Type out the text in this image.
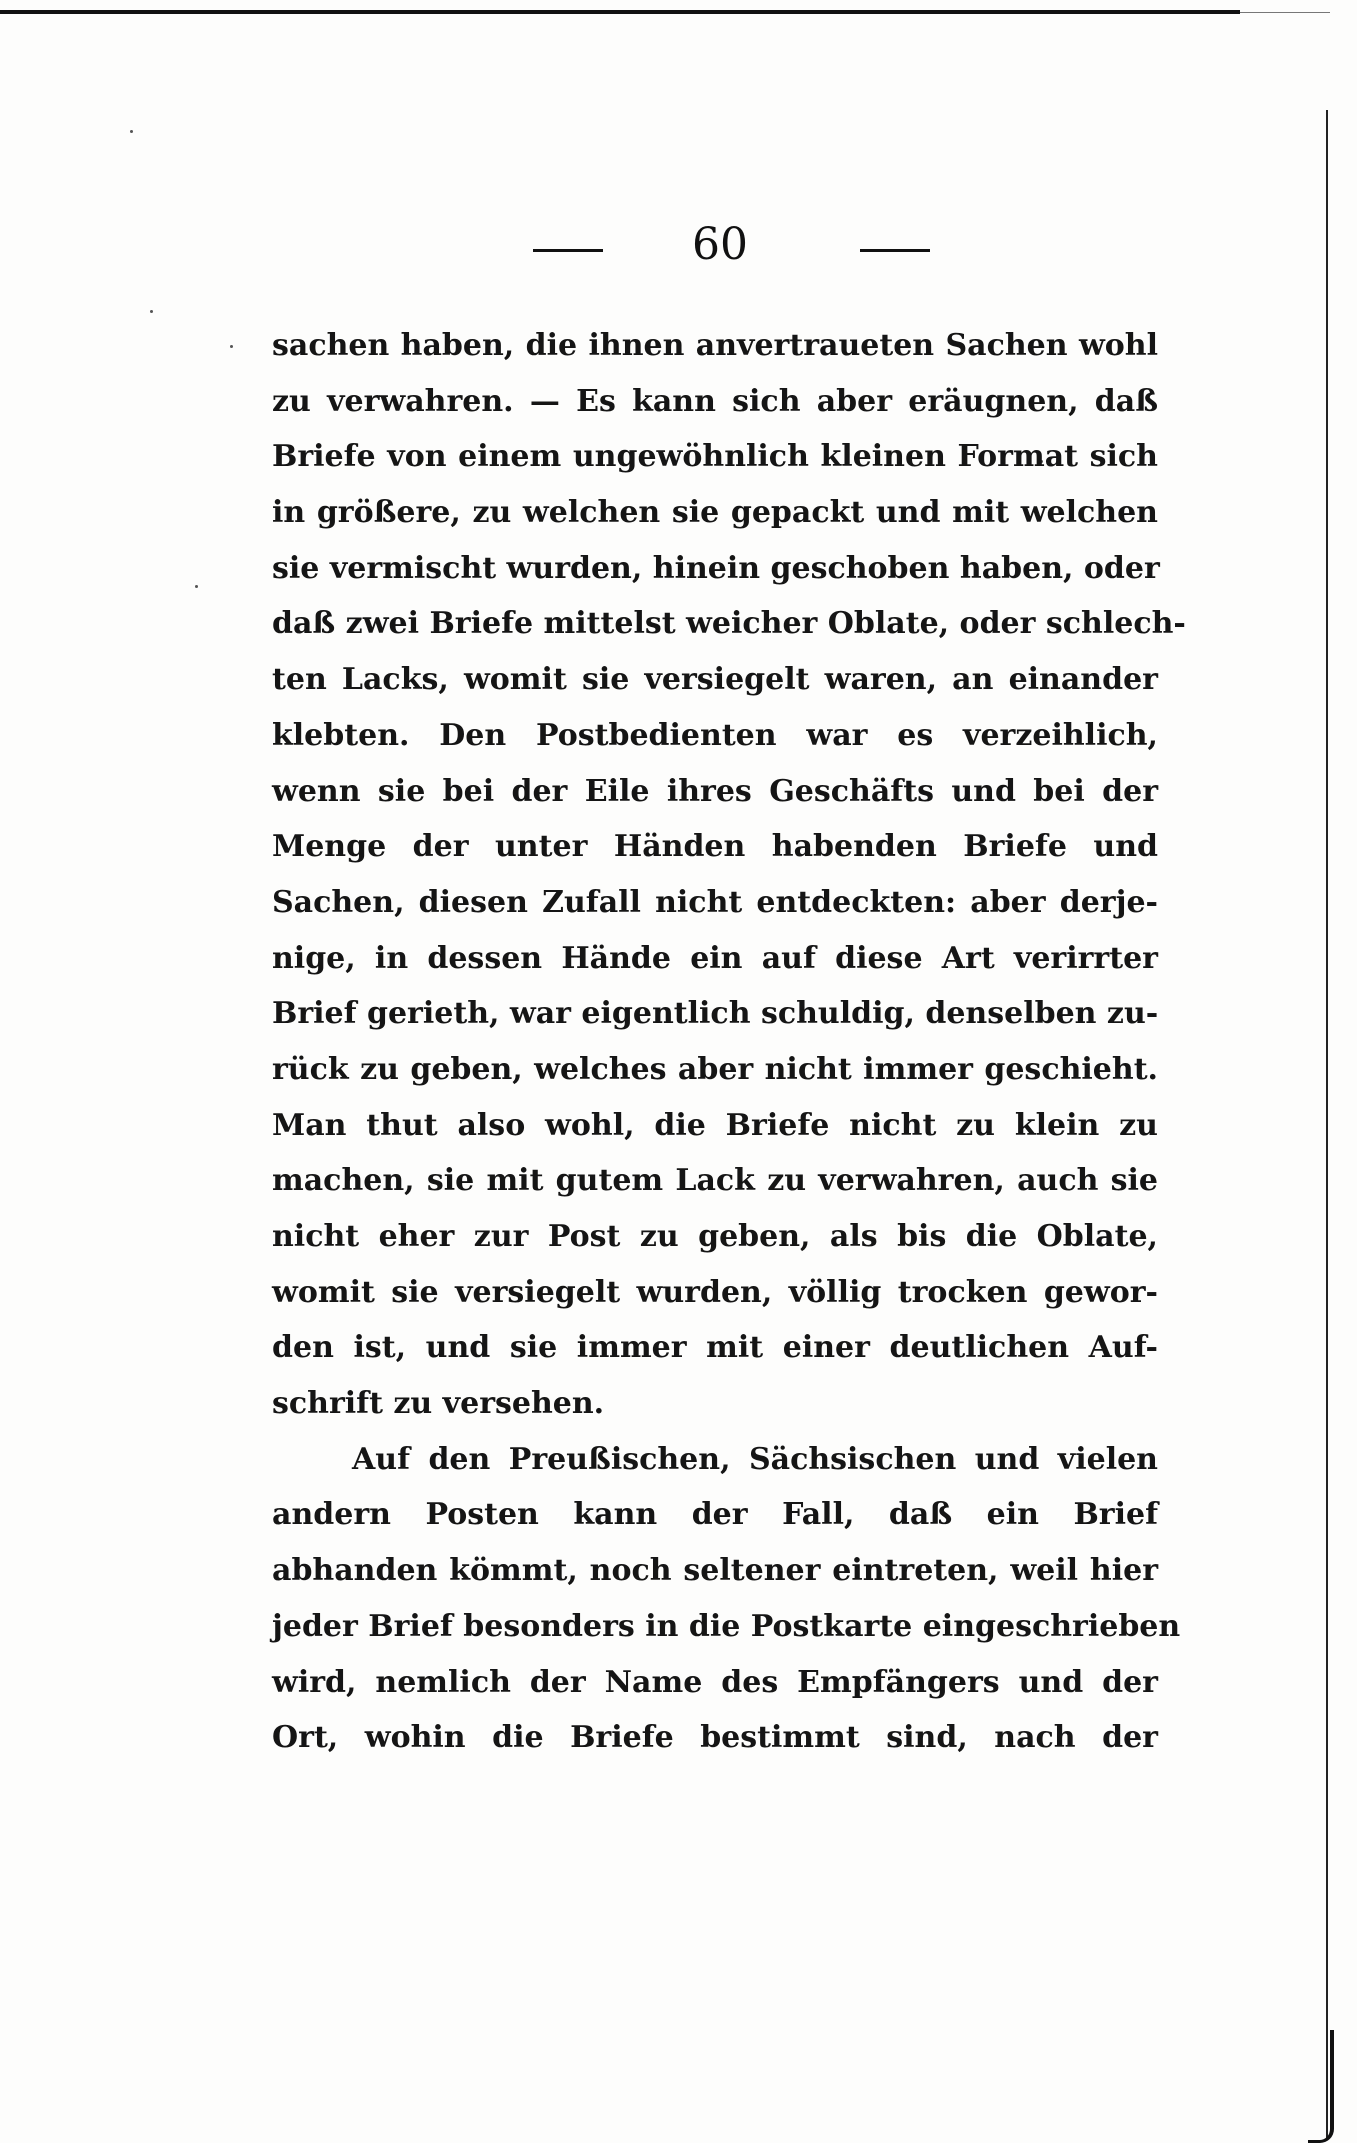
60
sachen haben, die ihnen anvertraueten Sachen wohl
zu verwahren. — Es kann sich aber eräugnen, daß
Briefe von einem ungewöhnlich kleinen Format sich
in größere, zu welchen sie gepackt und mit welchen
sie vermischt wurden, hinein geschoben haben, oder
daß zwei Briefe mittelst weicher Oblate, oder schlech-
ten Lacks, womit sie versiegelt waren, an einander
klebten. Den Postbedienten war es verzeihlich,
wenn sie bei der Eile ihres Geschäfts und bei der
Menge der unter Händen habenden Briefe und
Sachen, diesen Zufall nicht entdeckten: aber derje-
nige, in dessen Hände ein auf diese Art verirrter
Brief gerieth, war eigentlich schuldig, denselben zu-
rück zu geben, welches aber nicht immer geschieht.
Man thut also wohl, die Briefe nicht zu klein zu
machen, sie mit gutem Lack zu verwahren, auch sie
nicht eher zur Post zu geben, als bis die Oblate,
womit sie versiegelt wurden, völlig trocken gewor-
den ist, und sie immer mit einer deutlichen Auf-
schrift zu versehen.
Auf den Preußischen, Sächsischen und vielen
andern Posten kann der Fall, daß ein Brief
abhanden kömmt, noch seltener eintreten, weil hier
jeder Brief besonders in die Postkarte eingeschrieben
wird, nemlich der Name des Empfängers und der
Ort, wohin die Briefe bestimmt sind, nach der
